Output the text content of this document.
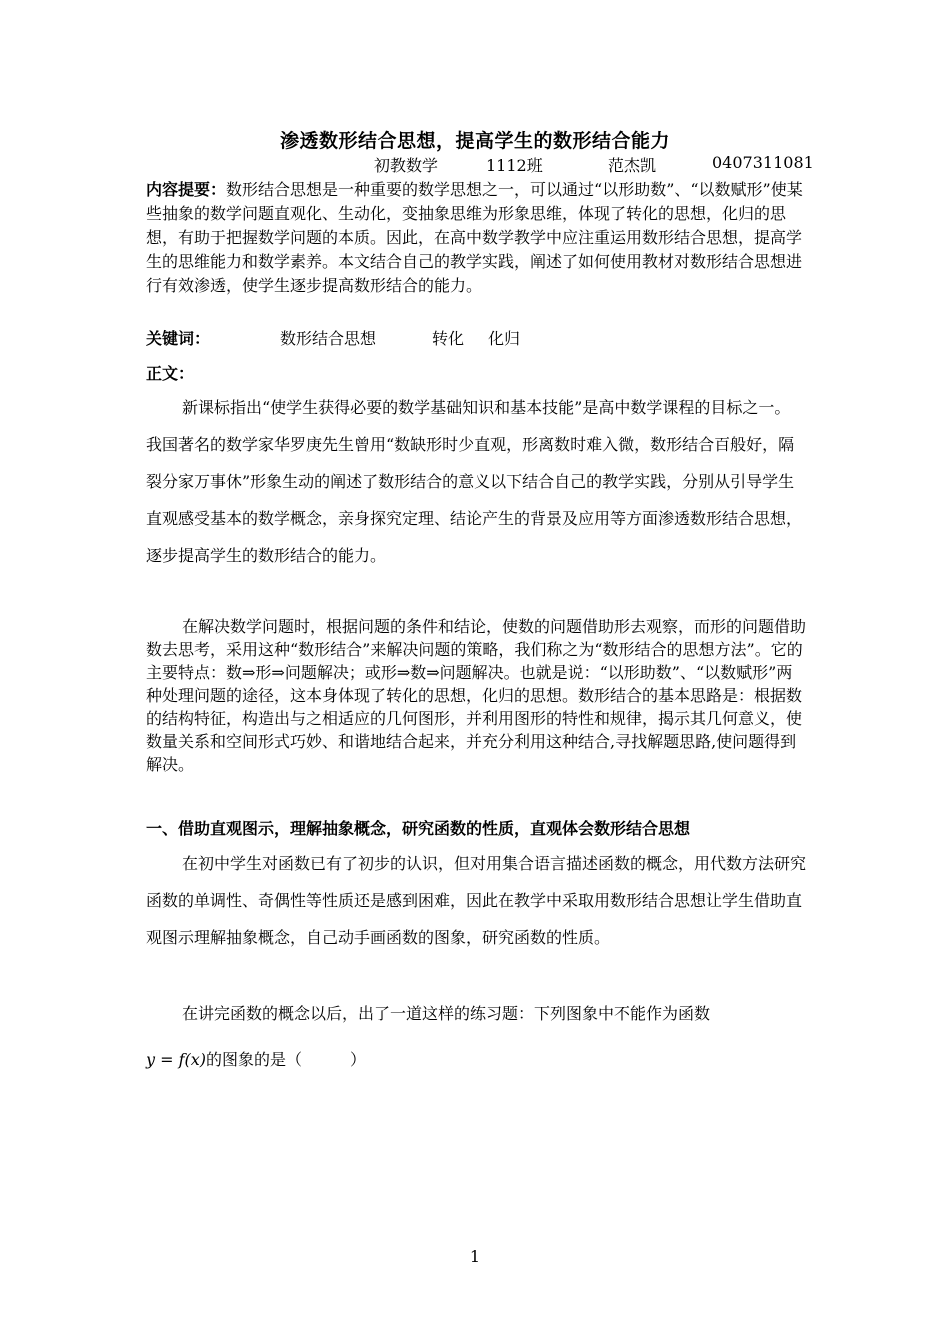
渗透数形结合思想，提高学生的数形结合能力
初教数学	1112班	范杰凯	0407311081
内容提要：数形结合思想是一种重要的数学思想之一，可以通过“以形助数”、“以数赋形”使某些抽象的数学问题直观化、生动化，变抽象思维为形象思维，体现了转化的思想，化归的思想，有助于把握数学问题的本质。因此，在高中数学教学中应注重运用数形结合思想，提高学生的思维能力和数学素养。本文结合自己的教学实践，阐述了如何使用教材对数形结合思想进行有效渗透，使学生逐步提高数形结合的能力。
关键词：	数形结合思想	转化 化归
正文：
新课标指出“使学生获得必要的数学基础知识和基本技能”是高中数学课程的目标之一。我国著名的数学家华罗庚先生曾用“数缺形时少直观，形离数时难入微，数形结合百般好，隔裂分家万事休”形象生动的阐述了数形结合的意义以下结合自己的教学实践，分别从引导学生直观感受基本的数学概念，亲身探究定理、结论产生的背景及应用等方面渗透数形结合思想，逐步提高学生的数形结合的能力。
在解决数学问题时，根据问题的条件和结论，使数的问题借助形去观察，而形的问题借助数去思考，采用这种“数形结合”来解决问题的策略，我们称之为“数形结合的思想方法”。它的主要特点：数⇒形⇒问题解决；或形⇒数⇒问题解决。也就是说：“以形助数”、“以数赋形”两种处理问题的途径，这本身体现了转化的思想，化归的思想。数形结合的基本思路是：根据数的结构特征，构造出与之相适应的几何图形，并利用图形的特性和规律，揭示其几何意义，使数量关系和空间形式巧妙、和谐地结合起来，并充分利用这种结合,寻找解题思路,使问题得到解决。
一、借助直观图示，理解抽象概念，研究函数的性质，直观体会数形结合思想
在初中学生对函数已有了初步的认识，但对用集合语言描述函数的概念，用代数方法研究函数的单调性、奇偶性等性质还是感到困难，因此在教学中采取用数形结合思想让学生借助直观图示理解抽象概念，自己动手画函数的图象，研究函数的性质。
在讲完函数的概念以后，出了一道这样的练习题：下列图象中不能作为函数
y = f(x)的图象的是（　　　）
1
